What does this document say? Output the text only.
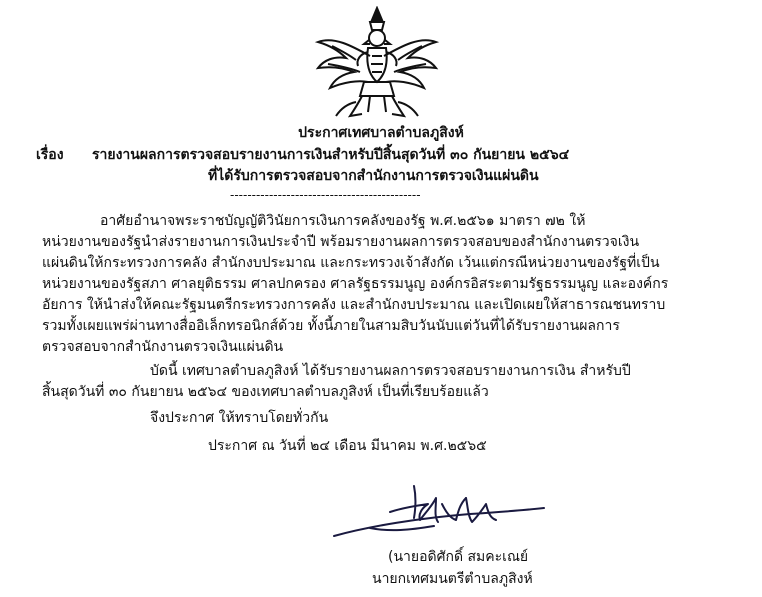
ประกาศเทศบาลตำบลภูสิงห์
เรื่อง รายงานผลการตรวจสอบรายงานการเงินสำหรับปีสิ้นสุดวันที่ ๓๐ กันยายน ๒๕๖๔
ที่ได้รับการตรวจสอบจากสำนักงานการตรวจเงินแผ่นดิน
--------------------------------------------
อาศัยอำนาจพระราชบัญญัติวินัยการเงินการคลังของรัฐ พ.ศ.๒๕๖๑ มาตรา ๗๒ ให้
หน่วยงานของรัฐนำส่งรายงานการเงินประจำปี พร้อมรายงานผลการตรวจสอบของสำนักงานตรวจเงิน
แผ่นดินให้กระทรวงการคลัง สำนักงบประมาณ และกระทรวงเจ้าสังกัด เว้นแต่กรณีหน่วยงานของรัฐที่เป็น
หน่วยงานของรัฐสภา ศาลยุติธรรม ศาลปกครอง ศาลรัฐธรรมนูญ องค์กรอิสระตามรัฐธรรมนูญ และองค์กร
อัยการ ให้นำส่งให้คณะรัฐมนตรีกระทรวงการคลัง และสำนักงบประมาณ และเปิดเผยให้สาธารณชนทราบ
รวมทั้งเผยแพร่ผ่านทางสื่ออิเล็กทรอนิกส์ด้วย ทั้งนี้ภายในสามสิบวันนับแต่วันที่ได้รับรายงานผลการ
ตรวจสอบจากสำนักงานตรวจเงินแผ่นดิน
บัดนี้ เทศบาลตำบลภูสิงห์ ได้รับรายงานผลการตรวจสอบรายงานการเงิน สำหรับปี
สิ้นสุดวันที่ ๓๐ กันยายน ๒๕๖๔ ของเทศบาลตำบลภูสิงห์ เป็นที่เรียบร้อยแล้ว
จึงประกาศ ให้ทราบโดยทั่วกัน
ประกาศ ณ วันที่ ๒๔ เดือน มีนาคม พ.ศ.๒๕๖๕
(นายอดิศักดิ์ สมคะเณย์
นายกเทศมนตรีตำบลภูสิงห์
